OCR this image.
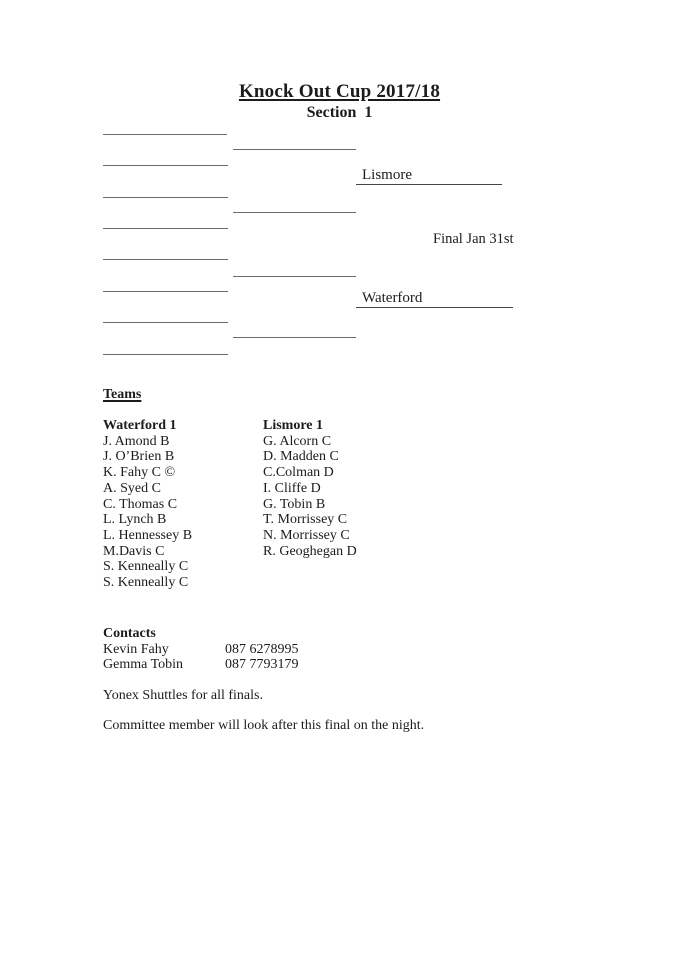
Knock Out Cup 2017/18
Section  1
Lismore
Waterford
Final Jan 31st
Teams
Waterford 1
J. Amond B
J. O’Brien B
K. Fahy C ©
A. Syed C
C. Thomas C
L. Lynch B
L. Hennessey B
M.Davis C
S. Kenneally C
S. Kenneally C
Lismore 1
G. Alcorn C
D. Madden C
C.Colman D
I. Cliffe D
G. Tobin B
T. Morrissey C
N. Morrissey C
R. Geoghegan D
Contacts
Kevin Fahy	087 6278995
Gemma Tobin	087 7793179
Yonex Shuttles for all finals.
Committee member will look after this final on the night.
